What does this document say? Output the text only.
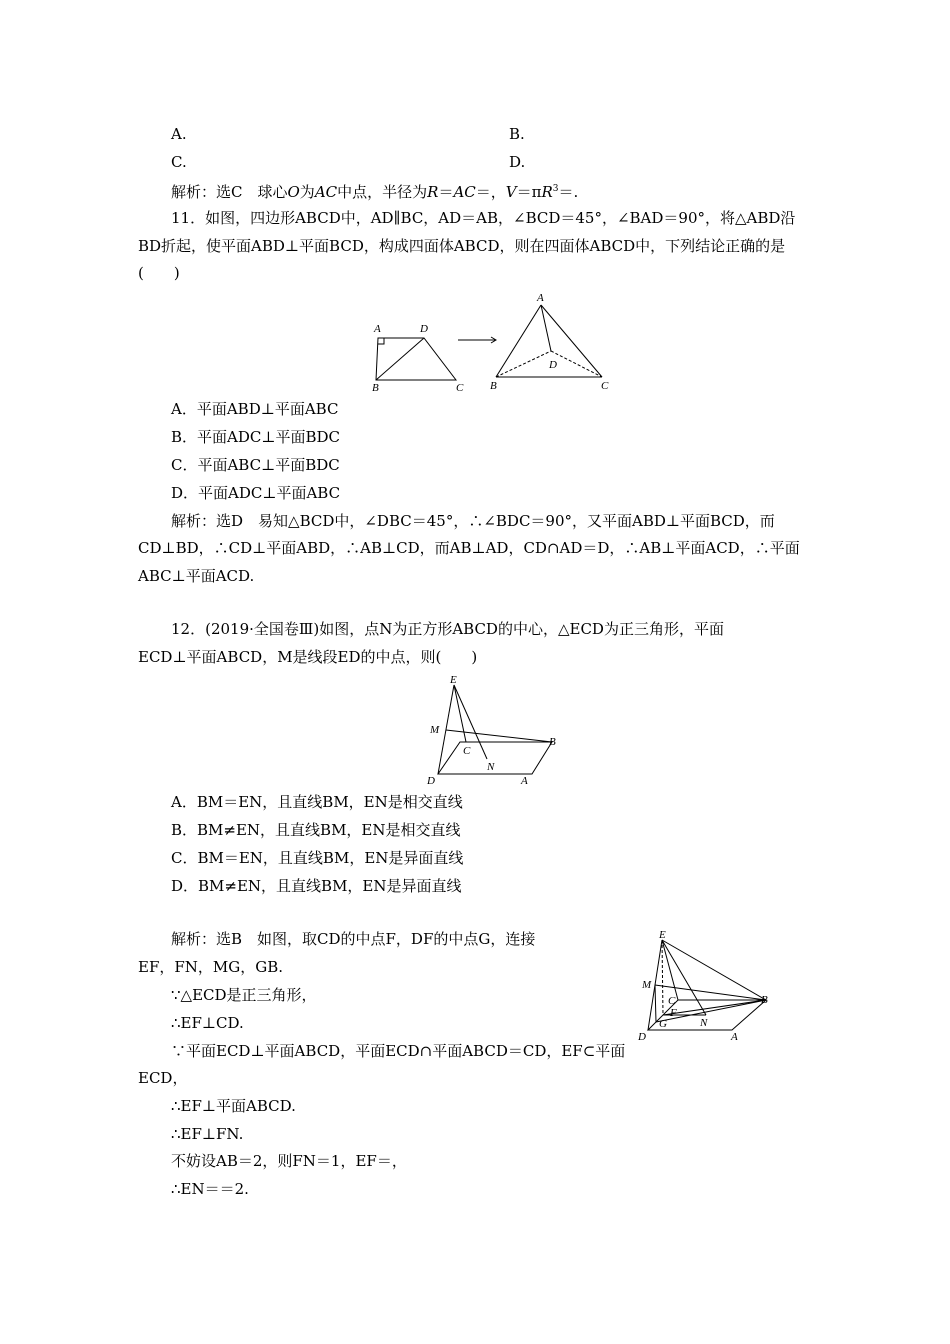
A.	B.
C.	D.
解析：选C　球心O为AC中点，半径为R＝AC＝，$V=\pi R^3=$.
11．如图，四边形ABCD中，AD∥BC，AD＝AB，∠BCD＝45°，∠BAD＝90°，将△ABD沿
BD折起，使平面ABD⊥平面BCD，构成四面体ABCD，则在四面体ABCD中，下列结论正确的是
(　　)
A	D
B	C
A
D
B	C
A．平面ABD⊥平面ABC
B．平面ADC⊥平面BDC
C．平面ABC⊥平面BDC
D．平面ADC⊥平面ABC
解析：选D　易知△BCD中，∠DBC＝45°，∴∠BDC＝90°，又平面ABD⊥平面BCD，而
CD⊥BD，∴CD⊥平面ABD，∴AB⊥CD，而AB⊥AD，CD∩AD＝D，∴AB⊥平面ACD，∴平面
ABC⊥平面ACD.
12．(2019·全国卷Ⅲ)如图，点N为正方形ABCD的中心，△ECD为正三角形，平面
ECD⊥平面ABCD，M是线段ED的中点，则(　　)
E
M
C
N
B
D	A
A．BM＝EN，且直线BM，EN是相交直线
B．BM≠EN，且直线BM，EN是相交直线
C．BM＝EN，且直线BM，EN是异面直线
D．BM≠EN，且直线BM，EN是异面直线
解析：选B　如图，取CD的中点F，DF的中点G，连接
EF，FN，MG，GB.
∵△ECD是正三角形，
∴EF⊥CD.
∵平面ECD⊥平面ABCD，平面ECD∩平面ABCD＝CD，EF⊂平面
ECD，
∴EF⊥平面ABCD.
∴EF⊥FN.
不妨设AB＝2，则FN＝1，EF＝，
∴EN＝＝2.
E
M
C
F
G	N
B
D	A
